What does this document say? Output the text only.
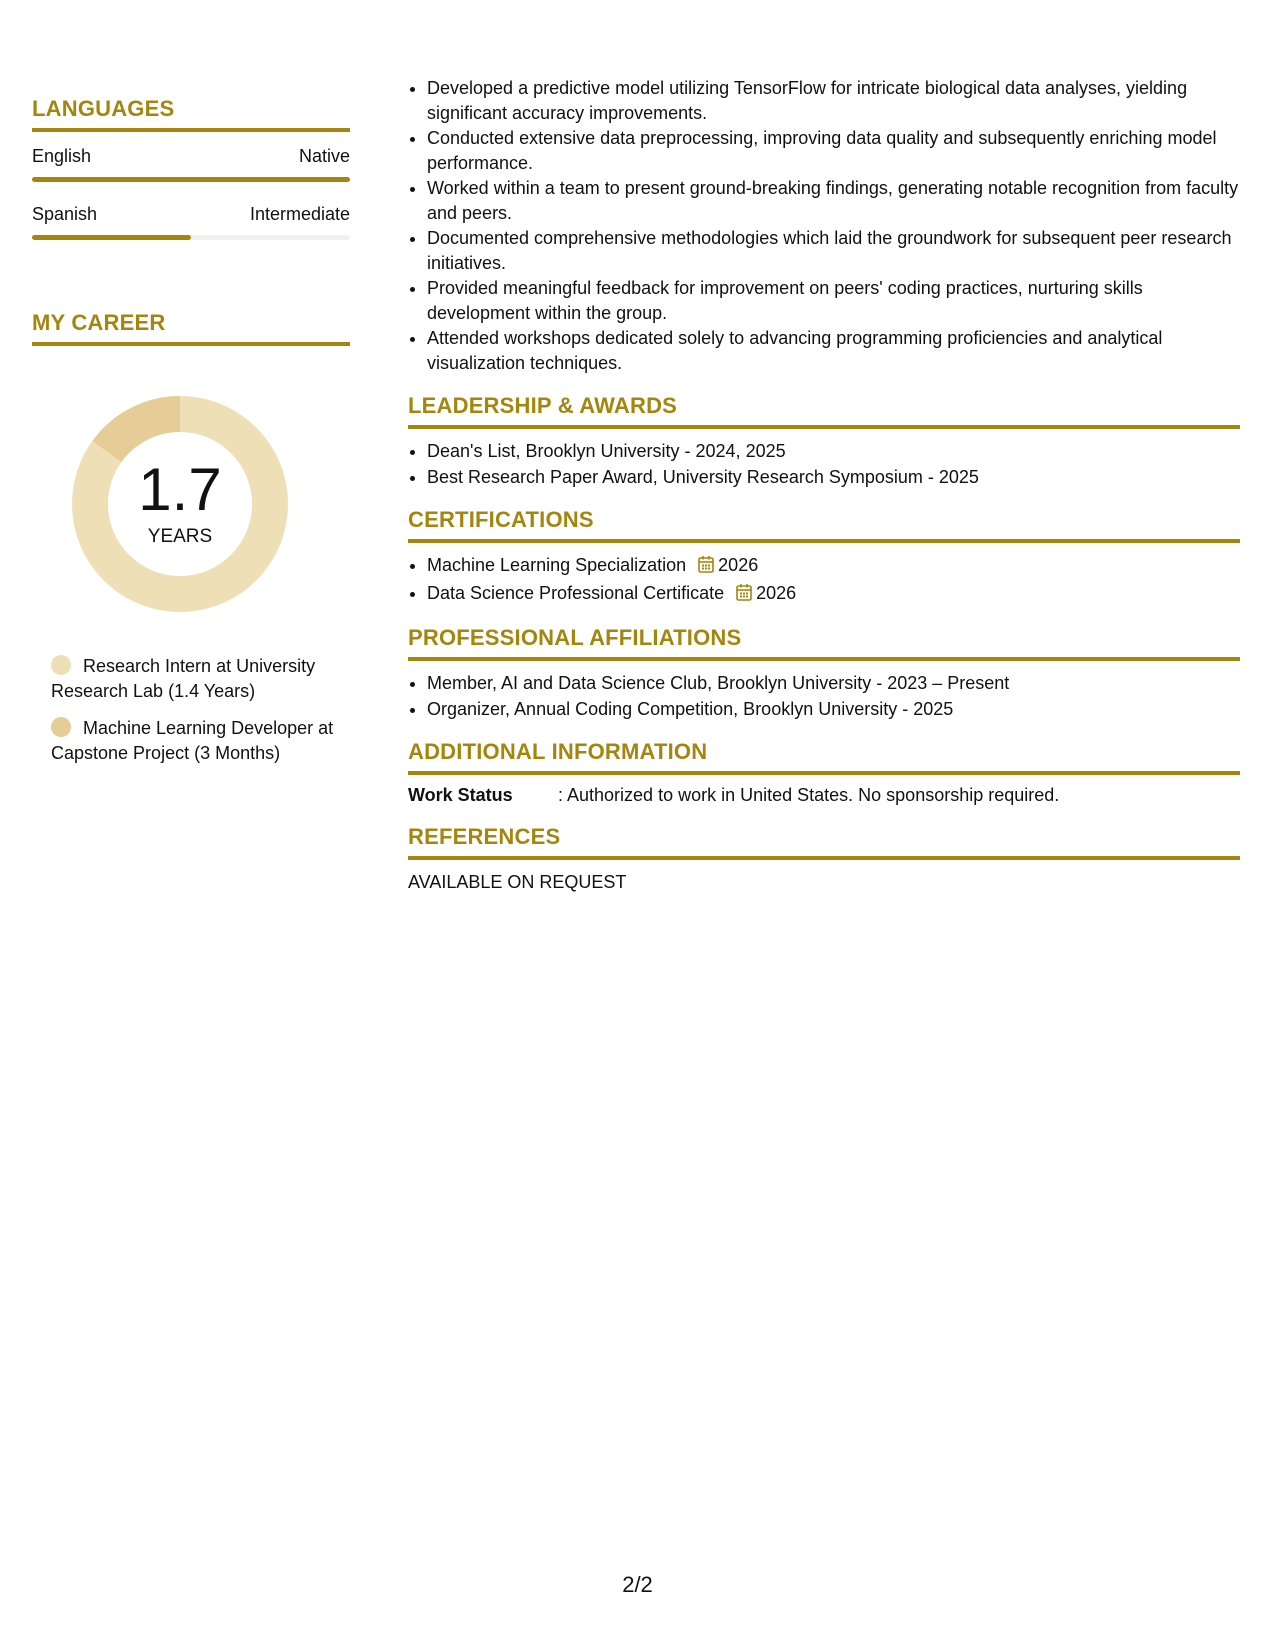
LANGUAGES
English	Native
Spanish	Intermediate
MY CAREER
1.7
YEARS
Research Intern at University Research Lab (1.4 Years)
Machine Learning Developer at Capstone Project (3 Months)
• Developed a predictive model utilizing TensorFlow for intricate biological data analyses, yielding significant accuracy improvements.
• Conducted extensive data preprocessing, improving data quality and subsequently enriching model performance.
• Worked within a team to present ground-breaking findings, generating notable recognition from faculty and peers.
• Documented comprehensive methodologies which laid the groundwork for subsequent peer research initiatives.
• Provided meaningful feedback for improvement on peers' coding practices, nurturing skills development within the group.
• Attended workshops dedicated solely to advancing programming proficiencies and analytical visualization techniques.
LEADERSHIP & AWARDS
• Dean's List, Brooklyn University - 2024, 2025
• Best Research Paper Award, University Research Symposium - 2025
CERTIFICATIONS
• Machine Learning Specialization 2026
• Data Science Professional Certificate 2026
PROFESSIONAL AFFILIATIONS
• Member, AI and Data Science Club, Brooklyn University - 2023 – Present
• Organizer, Annual Coding Competition, Brooklyn University - 2025
ADDITIONAL INFORMATION
Work Status	: Authorized to work in United States. No sponsorship required.
REFERENCES
AVAILABLE ON REQUEST
2/2
